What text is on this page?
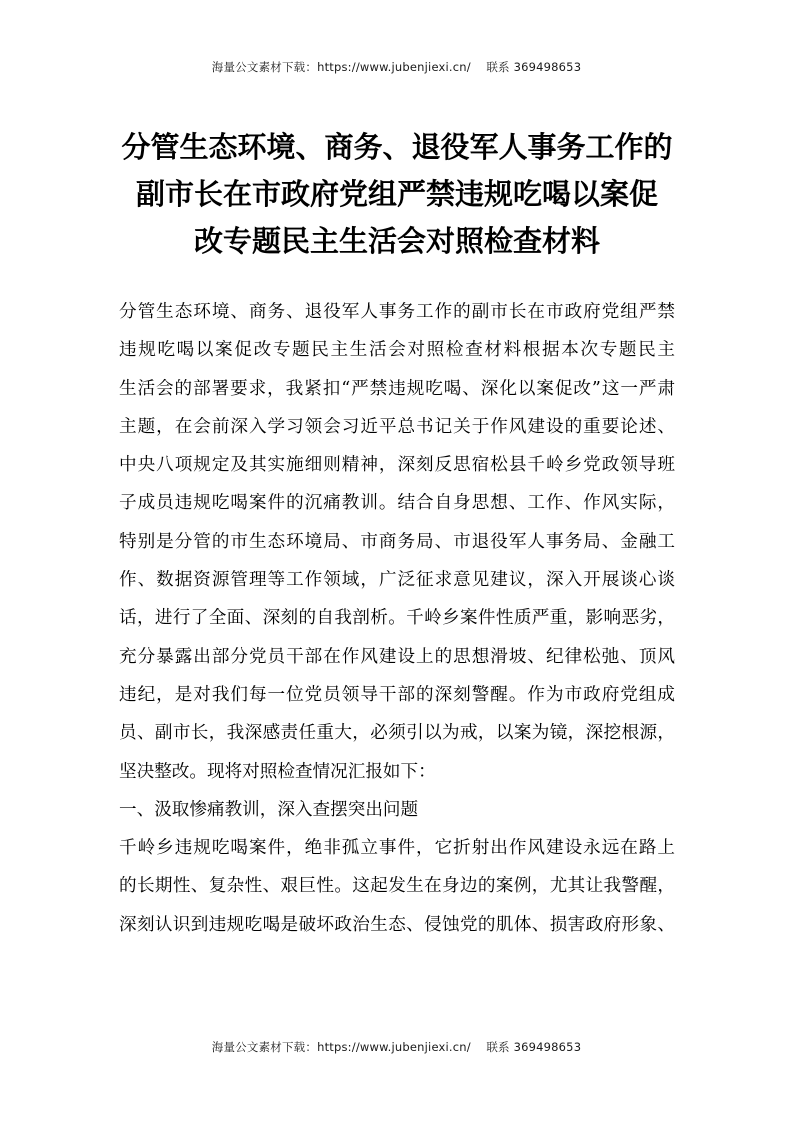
海量公文素材下载：https://www.jubenjiexi.cn/ 联系 369498653
分管生态环境、商务、退役军人事务工作的
副市长在市政府党组严禁违规吃喝以案促
改专题民主生活会对照检查材料
分管生态环境、商务、退役军人事务工作的副市长在市政府党组严禁
违规吃喝以案促改专题民主生活会对照检查材料根据本次专题民主
生活会的部署要求，我紧扣“严禁违规吃喝、深化以案促改”这一严肃
主题，在会前深入学习领会习近平总书记关于作风建设的重要论述、
中央八项规定及其实施细则精神，深刻反思宿松县千岭乡党政领导班
子成员违规吃喝案件的沉痛教训。结合自身思想、工作、作风实际，
特别是分管的市生态环境局、市商务局、市退役军人事务局、金融工
作、数据资源管理等工作领域，广泛征求意见建议，深入开展谈心谈
话，进行了全面、深刻的自我剖析。千岭乡案件性质严重，影响恶劣，
充分暴露出部分党员干部在作风建设上的思想滑坡、纪律松弛、顶风
违纪，是对我们每一位党员领导干部的深刻警醒。作为市政府党组成
员、副市长，我深感责任重大，必须引以为戒，以案为镜，深挖根源，
坚决整改。现将对照检查情况汇报如下：
一、汲取惨痛教训，深入查摆突出问题
千岭乡违规吃喝案件，绝非孤立事件，它折射出作风建设永远在路上
的长期性、复杂性、艰巨性。这起发生在身边的案例，尤其让我警醒，
深刻认识到违规吃喝是破坏政治生态、侵蚀党的肌体、损害政府形象、
海量公文素材下载：https://www.jubenjiexi.cn/ 联系 369498653
